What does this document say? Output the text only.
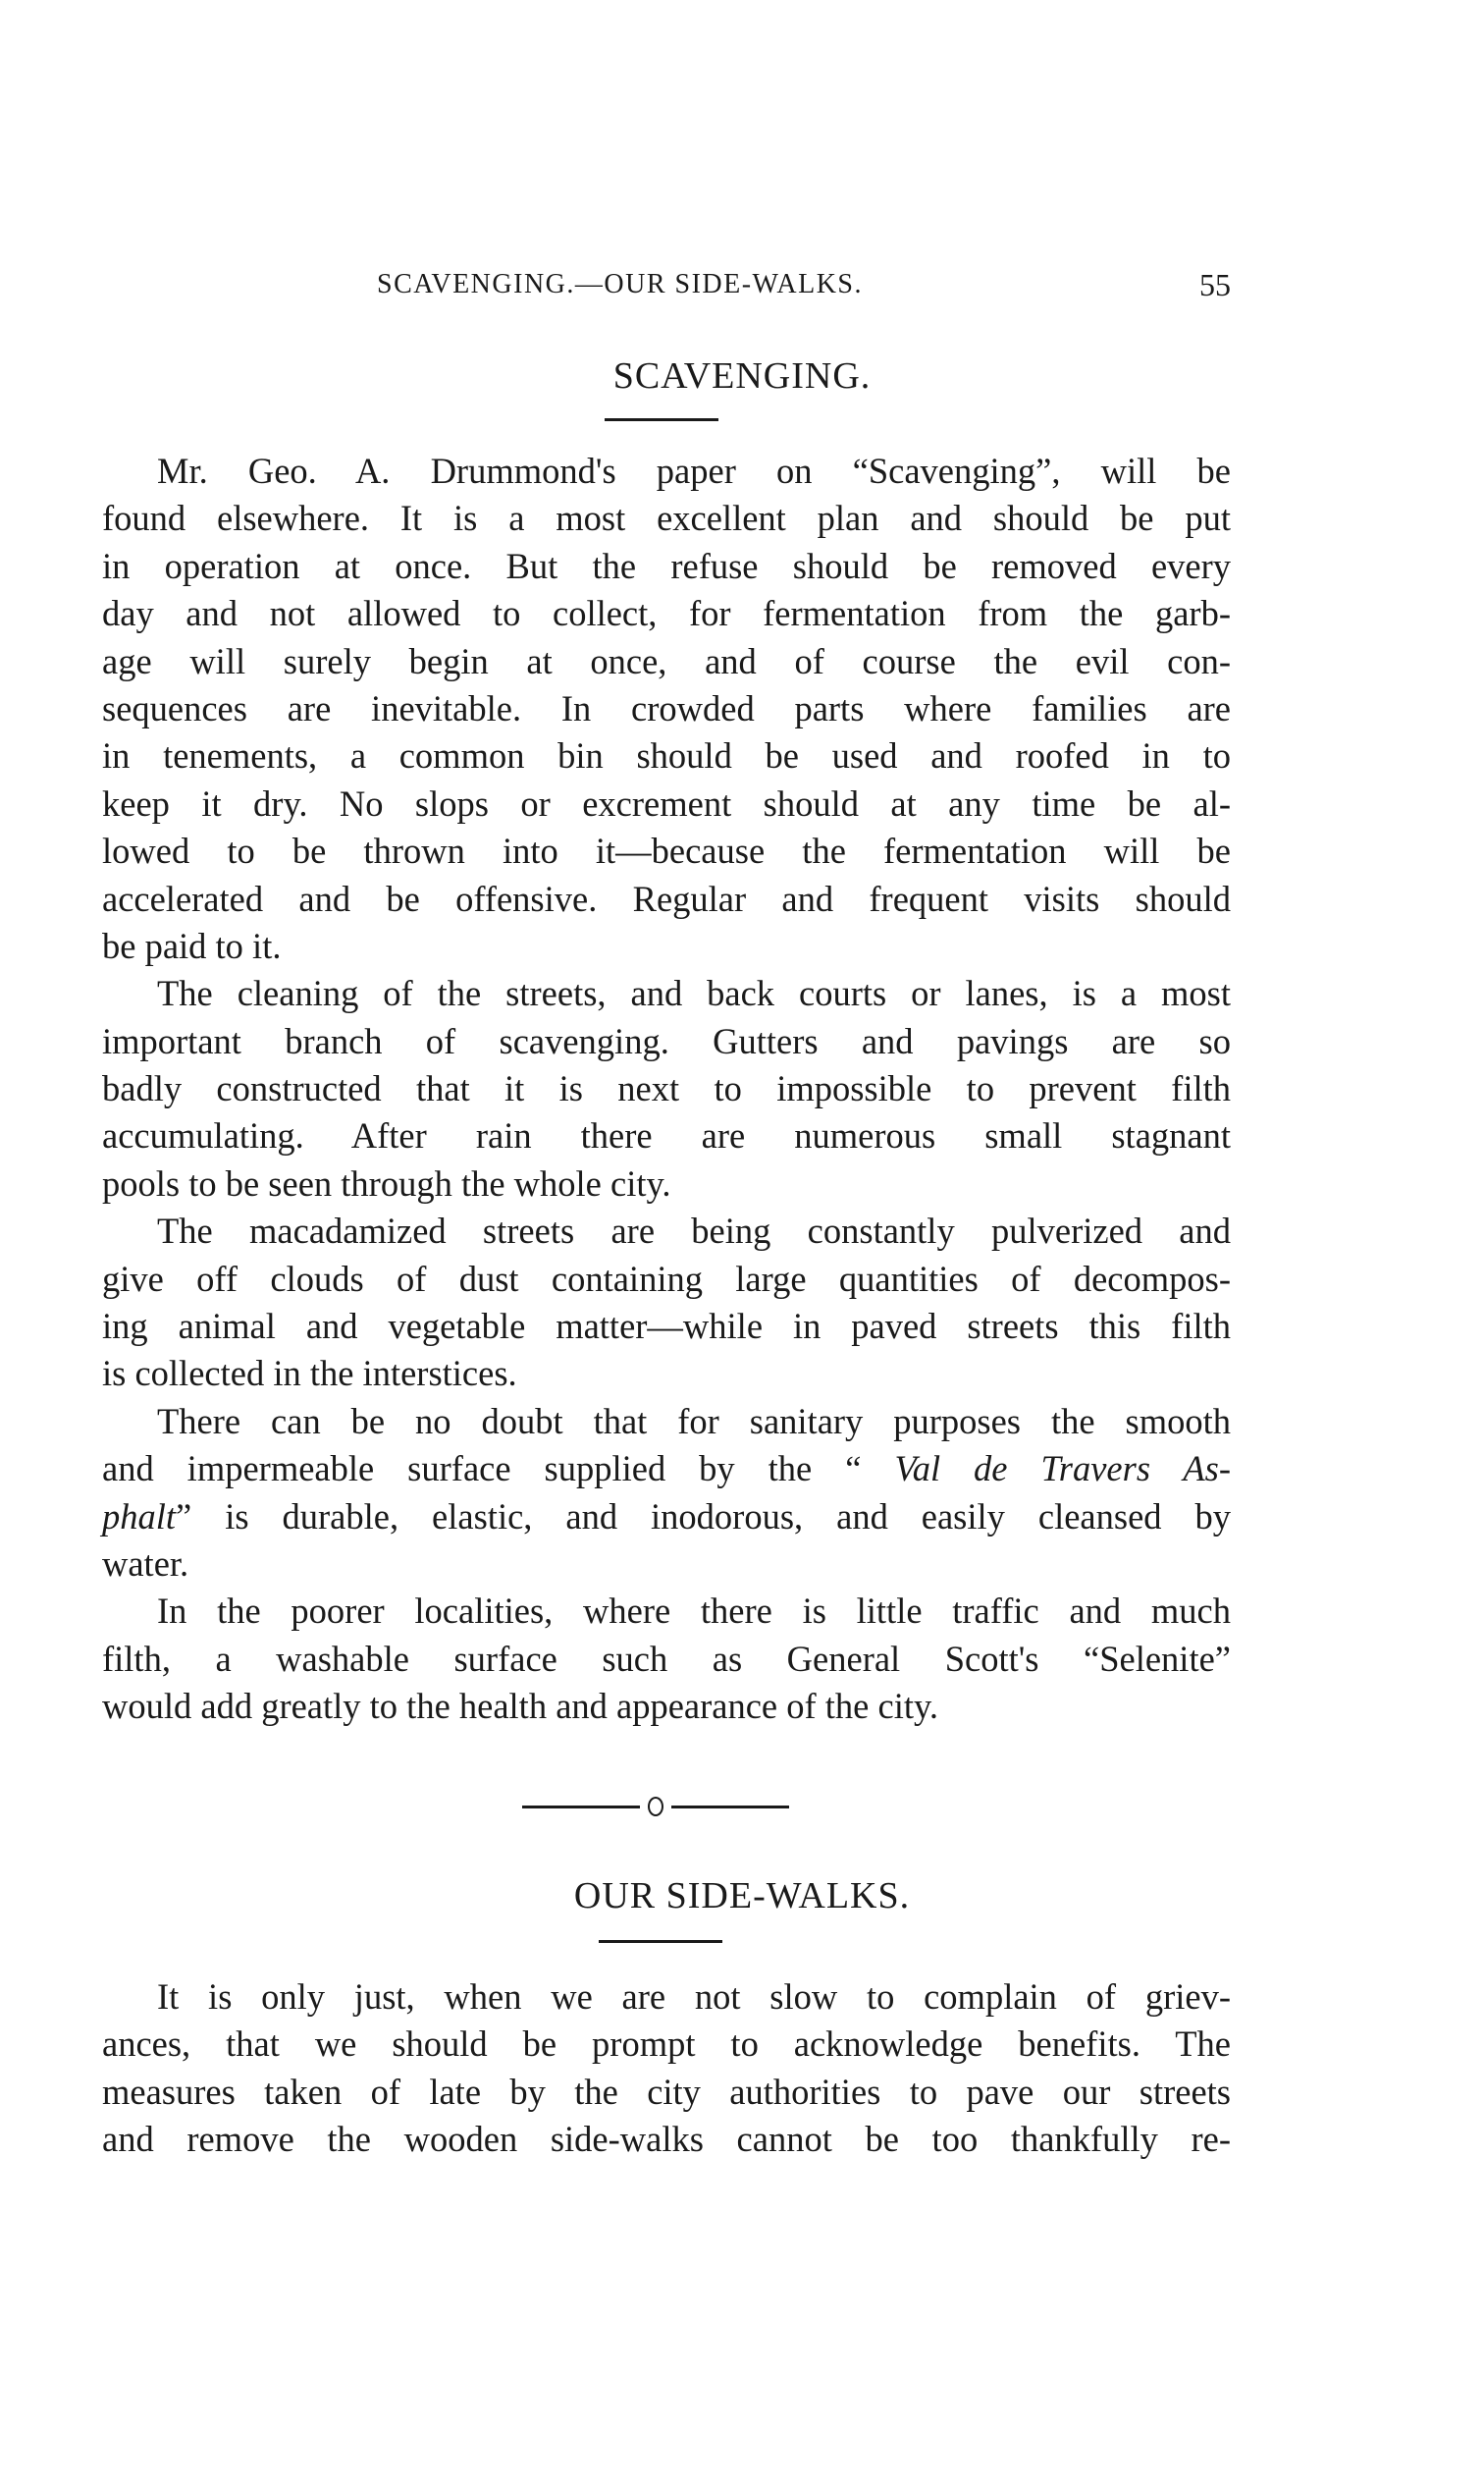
SCAVENGING.—OUR SIDE-WALKS.	55
SCAVENGING.
Mr. Geo. A. Drummond's paper on “Scavenging”, will be
found elsewhere. It is a most excellent plan and should be put
in operation at once. But the refuse should be removed every
day and not allowed to collect, for fermentation from the garb-
age will surely begin at once, and of course the evil con-
sequences are inevitable. In crowded parts where families are
in tenements, a common bin should be used and roofed in to
keep it dry. No slops or excrement should at any time be al-
lowed to be thrown into it—because the fermentation will be
accelerated and be offensive. Regular and frequent visits should
be paid to it.
The cleaning of the streets, and back courts or lanes, is a most
important branch of scavenging. Gutters and pavings are so
badly constructed that it is next to impossible to prevent filth
accumulating. After rain there are numerous small stagnant
pools to be seen through the whole city.
The macadamized streets are being constantly pulverized and
give off clouds of dust containing large quantities of decompos-
ing animal and vegetable matter—while in paved streets this filth
is collected in the interstices.
There can be no doubt that for sanitary purposes the smooth
and impermeable surface supplied by the “ Val de Travers As-
phalt” is durable, elastic, and inodorous, and easily cleansed by
water.
In the poorer localities, where there is little traffic and much
filth, a washable surface such as General Scott's “Selenite”
would add greatly to the health and appearance of the city.
OUR SIDE-WALKS.
It is only just, when we are not slow to complain of griev-
ances, that we should be prompt to acknowledge benefits. The
measures taken of late by the city authorities to pave our streets
and remove the wooden side-walks cannot be too thankfully re-
